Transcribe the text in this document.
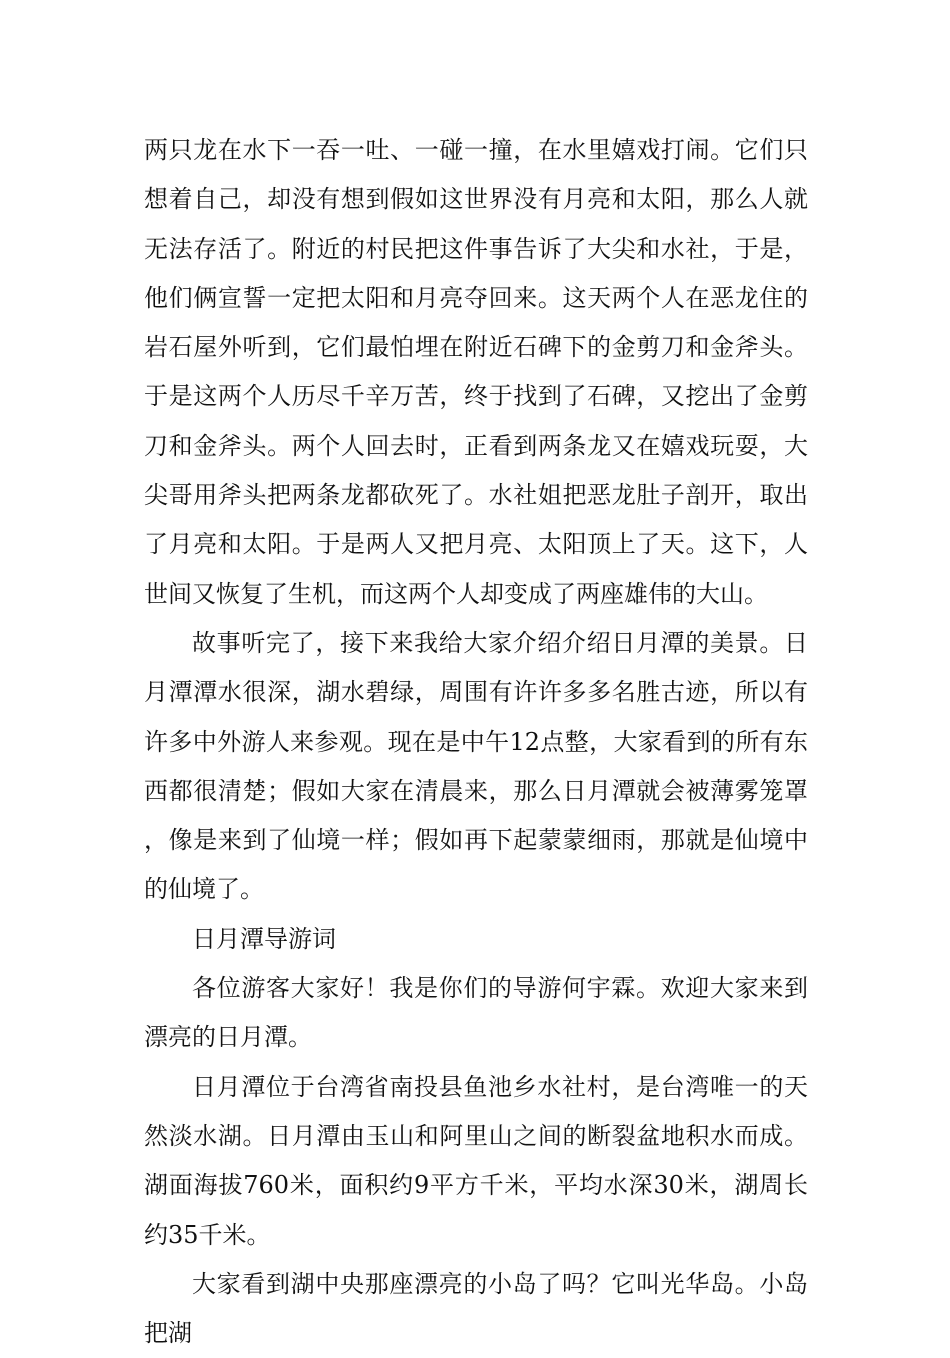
两只龙在水下一吞一吐、一碰一撞，在水里嬉戏打闹。它们只想着自己，却没有想到假如这世界没有月亮和太阳，那么人就无法存活了。附近的村民把这件事告诉了大尖和水社，于是，他们俩宣誓一定把太阳和月亮夺回来。这天两个人在恶龙住的岩石屋外听到，它们最怕埋在附近石碑下的金剪刀和金斧头。于是这两个人历尽千辛万苦，终于找到了石碑，又挖出了金剪刀和金斧头。两个人回去时，正看到两条龙又在嬉戏玩耍，大尖哥用斧头把两条龙都砍死了。水社姐把恶龙肚子剖开，取出了月亮和太阳。于是两人又把月亮、太阳顶上了天。这下，人世间又恢复了生机，而这两个人却变成了两座雄伟的大山。

故事听完了，接下来我给大家介绍介绍日月潭的美景。日月潭潭水很深，湖水碧绿，周围有许许多多名胜古迹，所以有许多中外游人来参观。现在是中午12点整，大家看到的所有东西都很清楚；假如大家在清晨来，那么日月潭就会被薄雾笼罩，像是来到了仙境一样；假如再下起蒙蒙细雨，那就是仙境中的仙境了。

日月潭导游词

各位游客大家好！我是你们的导游何宇霖。欢迎大家来到漂亮的日月潭。

日月潭位于台湾省南投县鱼池乡水社村，是台湾唯一的天然淡水湖。日月潭由玉山和阿里山之间的断裂盆地积水而成。湖面海拔760米，面积约9平方千米，平均水深30米，湖周长约35千米。

大家看到湖中央那座漂亮的小岛了吗？它叫光华岛。小岛把湖
